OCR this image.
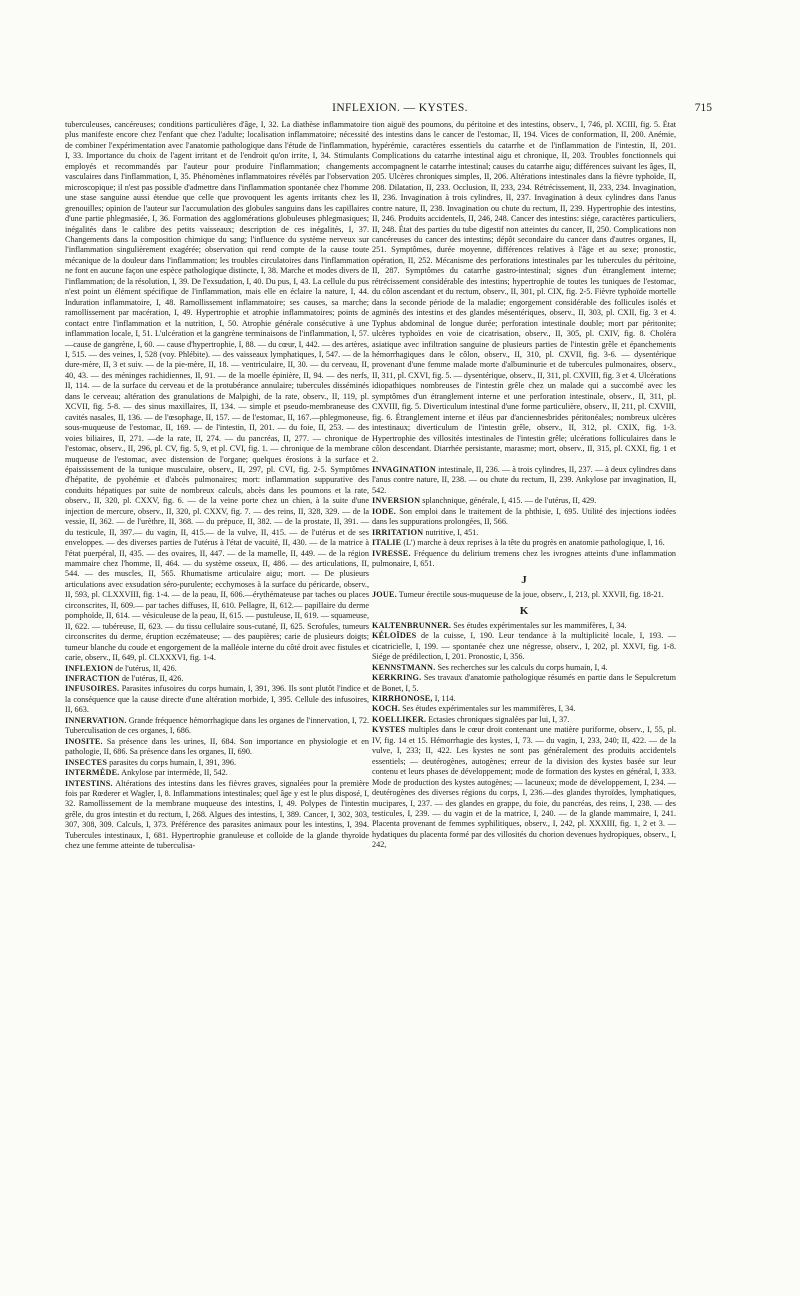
INFLEXION. — KYSTES.	715

tuberculeuses, cancéreuses; conditions particulières d'âge, I, 32. La diathèse inflammatoire plus manifeste encore chez l'enfant que chez l'adulte; localisation inflammatoire; nécessité de combiner l'expérimentation avec l'anatomie pathologique dans l'étude de l'inflammation, I, 33. Importance du choix de l'agent irritant et de l'endroit qu'on irrite, I, 34. Stimulants employés et recommandés par l'auteur pour produire l'inflammation; changements vasculaires dans l'inflammation, I, 35. Phénomènes inflammatoires révélés par l'observation microscopique; il n'est pas possible d'admettre dans l'inflammation spontanée chez l'homme une stase sanguine aussi étendue que celle que provoquent les agents irritants chez les grenouilles; opinion de l'auteur sur l'accumulation des globules sanguins dans les capillaires d'une partie phlegmasiée, I, 36. Formation des agglomérations globuleuses phlegmasiques; inégalités dans le calibre des petits vaisseaux; description de ces inégalités, I, 37. Changements dans la composition chimique du sang; l'influence du système nerveux sur l'inflammation singulièrement exagérée; observation qui rend compte de la cause toute mécanique de la douleur dans l'inflammation; les troubles circulatoires dans l'inflammation ne font en aucune façon une espèce pathologique distincte, I, 38. Marche et modes divers de l'inflammation; de la résolution, I, 39. De l'exsudation, I, 40. Du pus, I, 43. La cellule du pus n'est point un élément spécifique de l'inflammation, mais elle en éclaire la nature, I, 44. Induration inflammatoire, I, 48. Ramollissement inflammatoire; ses causes, sa marche; ramollissement par macération, I, 49. Hypertrophie et atrophie inflammatoires; points de contact entre l'inflammation et la nutrition, I, 50. Atrophie générale consécutive à une inflammation locale, I, 51. L'ulcération et la gangrène terminaisons de l'inflammation, I, 57.—cause de gangrène, I, 60. — cause d'hypertrophie, I, 88. — du cœur, I, 442. — des artères, I, 515. — des veines, I, 528 (voy. Phlébite). — des vaisseaux lymphatiques, I, 547. — de la dure-mère, II, 3 et suiv. — de la pie-mère, II, 18. — ventriculaire, II, 30. — du cerveau, II, 40, 43. — des méninges rachidiennes, II, 91. — de la moelle épinière, II, 94. — des nerfs, II, 114. — de la surface du cerveau et de la protubérance annulaire; tubercules disséminés dans le cerveau; altération des granulations de Malpighi, de la rate, observ., II, 119, pl. XCVII, fig. 5-8. — des sinus maxillaires, II, 134. — simple et pseudo-membraneuse des cavités nasales, II, 136. — de l'œsophage, II, 157. — de l'estomac, II, 167.—phlegmoneuse, sous-muqueuse de l'estomac, II, 169. — de l'intestin, II, 201. — du foie, II, 253. — des voies biliaires, II, 271. —de la rate, II, 274. — du pancréas, II, 277. — chronique de l'estomac, observ., II, 296, pl. CV, fig. 5, 9, et pl. CVI, fig. 1. — chronique de la membrane muqueuse de l'estomac, avec distension de l'organe; quelques érosions à la surface et épaississement de la tunique musculaire, observ., II, 297, pl. CVI, fig. 2-5. Symptômes d'hépatite, de pyohémie et d'abcès pulmonaires; mort: inflammation suppurative des conduits hépatiques par suite de nombreux calculs, abcès dans les poumons et la rate, observ., II, 320, pl. CXXV, fig. 6. — de la veine porte chez un chien, à la suite d'une injection de mercure, observ., II, 320, pl. CXXV, fig. 7. — des reins, II, 328, 329. — de la vessie, II, 362. — de l'urèthre, II, 368. — du prépuce, II, 382. — de la prostate, II, 391. — du testicule, II, 397.— du vagin, II, 415.— de la vulve, II, 415. — de l'utérus et de ses enveloppes. — des diverses parties de l'utérus à l'état de vacuité, II, 430. — de la matrice à l'état puerpéral, II, 435. — des ovaires, II, 447. — de la mamelle, II, 449. — de la région mammaire chez l'homme, II, 464. — du système osseux, II, 486. — des articulations, II, 544. — des muscles, II, 565. Rhumatisme articulaire aigu; mort. — De plusieurs articulations avec exsudation séro-purulente; ecchymoses à la surface du péricarde, observ., II, 593, pl. CLXXVIII, fig. 1-4. — de la peau, II, 606.—érythémateuse par taches ou places circonscrites, II, 609.— par taches diffuses, II, 610. Pellagre, II, 612.— papillaire du derme pomphoïde, II, 614. — vésiculeuse de la peau, II, 615. — pustuleuse, II, 619. — squameuse, II, 622. — tubéreuse, II, 623. — du tissu cellulaire sous-cutané, II, 625. Scrofules, tumeurs circonscrites du derme, éruption eczémateuse; — des paupières; carie de plusieurs doigts; tumeur blanche du coude et engorgement de la malléole interne du côté droit avec fistules et carie, observ., II, 649, pl. CLXXXVI, fig. 1-4.

INFLEXION de l'utérus, II, 426.

INFRACTION de l'utérus, II, 426.

INFUSOIRES. Parasites infusoires du corps humain, I, 391, 396. Ils sont plutôt l'indice et la conséquence que la cause directe d'une altération morbide, I, 395. Cellule des infusoires, II, 663.

INNERVATION. Grande fréquence hémorrhagique dans les organes de l'innervation, I, 72. Tuberculisation de ces organes, I, 686.

INOSITE. Sa présence dans les urines, II, 684. Son importance en physiologie et en pathologie, II, 686. Sa présence dans les organes, II, 690.

INSECTES parasites du corps humain, I, 391, 396.

INTERMÈDE. Ankylose par intermède, II, 542.

INTESTINS. Altérations des intestins dans les fièvres graves, signalées pour la première fois par Rœderer et Wagler, I, 8. Inflammations intestinales; quel âge y est le plus disposé, I, 32. Ramollissement de la membrane muqueuse des intestins, I, 49. Polypes de l'intestin grêle, du gros intestin et du rectum, I, 268. Algues des intestins, I, 389. Cancer, I, 302, 303, 307, 308, 309. Calculs, I, 373. Préférence des parasites animaux pour les intestins, I, 394. Tubercules intestinaux, I, 681. Hypertrophie granuleuse et colloïde de la glande thyroïde chez une femme atteinte de tuberculisa-

tion aiguë des poumons, du péritoine et des intestins, observ., I, 746, pl. XCIII, fig. 5. État des intestins dans le cancer de l'estomac, II, 194. Vices de conformation, II, 200. Anémie, hypérémie, caractères essentiels du catarrhe et de l'inflammation de l'intestin, II, 201. Complications du catarrhe intestinal aigu et chronique, II, 203. Troubles fonctionnels qui accompagnent le catarrhe intestinal; causes du catarrhe aigu; différences suivant les âges, II, 205. Ulcères chroniques simples, II, 206. Altérations intestinales dans la fièvre typhoïde, II, 208. Dilatation, II, 233. Occlusion, II, 233, 234. Rétrécissement, II, 233, 234. Invagination, II, 236. Invagination à trois cylindres, II, 237. Invagination à deux cylindres dans l'anus contre nature, II, 238. Invagination ou chute du rectum, II, 239. Hypertrophie des intestins, II, 246. Produits accidentels, II, 246, 248. Cancer des intestins: siége, caractères particuliers, II, 248. État des parties du tube digestif non atteintes du cancer, II, 250. Complications non cancéreuses du cancer des intestins; dépôt secondaire du cancer dans d'autres organes, II, 251. Symptômes, durée moyenne, différences relatives à l'âge et au sexe; pronostic, opération, II, 252. Mécanisme des perforations intestinales par les tubercules du péritoine, II, 287. Symptômes du catarrhe gastro-intestinal; signes d'un étranglement interne; rétrécissement considérable des intestins; hypertrophie de toutes les tuniques de l'estomac, du côlon ascendant et du rectum, observ., II, 301, pl. CIX, fig. 2-5. Fièvre typhoïde mortelle dans la seconde période de la maladie; engorgement considérable des follicules isolés et agminés des intestins et des glandes mésentériques, observ., II, 303, pl. CXII, fig. 3 et 4. Typhus abdominal de longue durée; perforation intestinale double; mort par péritonite; ulcères typhoïdes en voie de cicatrisation, observ., II, 305, pl. CXIV, fig. 8. Choléra asiatique avec infiltration sanguine de plusieurs parties de l'intestin grêle et épanchements hémorrhagiques dans le côlon, observ., II, 310, pl. CXVII, fig. 3-6. — dysentérique provenant d'une femme malade morte d'albuminurie et de tubercules pulmonaires, observ., II, 311, pl. CXVI, fig. 5. — dysentérique, observ., II, 311, pl. CXVIII, fig. 3 et 4. Ulcérations idiopathiques nombreuses de l'intestin grêle chez un malade qui a succombé avec les symptômes d'un étranglement interne et une perforation intestinale, observ., II, 311, pl. CXVIII, fig. 5. Diverticulum intestinal d'une forme particulière, observ., II, 211, pl. CXVIII, fig. 6. Étranglement interne et iléus par d'anciennesbrides péritonéales; nombreux ulcères intestinaux; diverticulum de l'intestin grêle, observ., II, 312, pl. CXIX, fig. 1-3. Hypertrophie des villosités intestinales de l'intestin grêle; ulcérations folliculaires dans le côlon descendant. Diarrhée persistante, marasme; mort, observ., II, 315, pl. CXXI, fig. 1 et 2.

INVAGINATION intestinale, II, 236. — à trois cylindres, II, 237. — à deux cylindres dans l'anus contre nature, II, 238. — ou chute du rectum, II, 239. Ankylose par invagination, II, 542.

INVERSION splanchnique, générale, I, 415. — de l'utérus, II, 429.

IODE. Son emploi dans le traitement de la phthisie, I, 695. Utilité des injections iodées dans les suppurations prolongées, II, 566.

IRRITATION nutritive, I, 451.

ITALIE (L') marche à deux reprises à la tête du progrès en anatomie pathologique, I, 16.

IVRESSE. Fréquence du delirium tremens chez les ivrognes atteints d'une inflammation pulmonaire, I, 651.

J

JOUE. Tumeur érectile sous-muqueuse de la joue, observ., I, 213, pl. XXVII, fig. 18-21.

K

KALTENBRUNNER. Ses études expérimentales sur les mammifères, I, 34.

KÉLOÏDES de la cuisse, I, 190. Leur tendance à la multiplicité locale, I, 193. — cicatricielle, I, 199. — spontanée chez une négresse, observ., I, 202, pl. XXVI, fig. 1-8. Siége de prédilection, I, 201. Pronostic, I, 356.

KENNSTMANN. Ses recherches sur les calculs du corps humain, I, 4.

KERKRING. Ses travaux d'anatomie pathologique résumés en partie dans le Sepulcretum de Bonet, I, 5.

KIRRHONOSE, I, 114.

KOCH. Ses études expérimentales sur les mammifères, I, 34.

KOELLIKER. Ectasies chroniques signalées par lui, I, 37.

KYSTES multiples dans le cœur droit contenant une matière puriforme, observ., I, 55, pl. IV, fig. 14 et 15. Hémorrhagie des kystes, I, 73. — du vagin, I, 233, 240; II, 422. — de la vulve, I, 233; II, 422. Les kystes ne sont pas généralement des produits accidentels essentiels; — deutérogènes, autogènes; erreur de la division des kystes basée sur leur contenu et leurs phases de développement; mode de formation des kystes en général, I, 333. Mode de production des kystes autogènes; — lacuneux; mode de développement, I, 234. — deutérogènes des diverses régions du corps, I, 236.—des glandes thyroïdes, lymphatiques, mucipares, I, 237. — des glandes en grappe, du foie, du pancréas, des reins, I, 238. — des testicules, I, 239. — du vagin et de la matrice, I, 240. — de la glande mammaire, I, 241. Placenta provenant de femmes syphilitiques, observ., I, 242, pl. XXXIII, fig. 1, 2 et 3. — hydatiques du placenta formé par des villosités du chorion devenues hydropiques, observ., I, 242,
